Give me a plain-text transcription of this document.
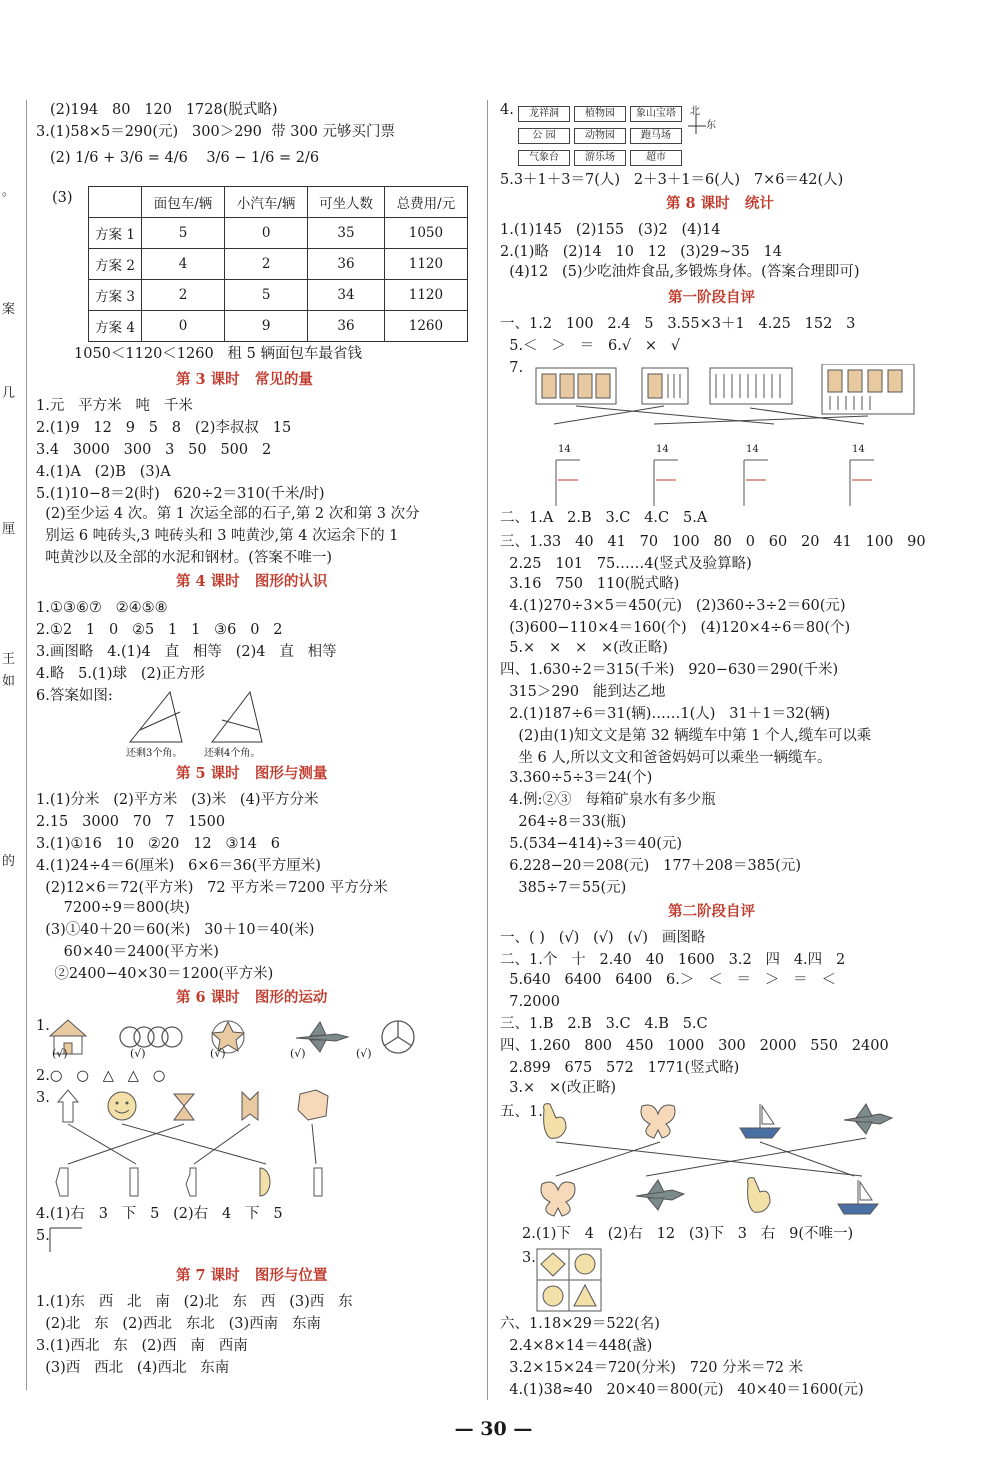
。
案
几
厘
王
如
的
(2)194   80   120   1728(脱式略)
3.(1)58×5＝290(元)   300＞290  带 300 元够买门票
(2) 1/6 + 3/6 = 4/6    3/6 − 1/6 = 2/6
(3)
		面包车/辆	小汽车/辆	可坐人数	总费用/元
方案 1	5	0	35	1050
方案 2	4	2	36	1120
方案 3	2	5	34	1120
方案 4	0	9	36	1260
1050＜1120＜1260   租 5 辆面包车最省钱
第 3 课时   常见的量
1.元   平方米   吨   千米
2.(1)9   12   9   5   8   (2)李叔叔   15
3.4   3000   300   3   50   500   2
4.(1)A   (2)B   (3)A
5.(1)10−8＝2(时)   620÷2＝310(千米/时)
(2)至少运 4 次。第 1 次运全部的石子,第 2 次和第 3 次分
别运 6 吨砖头,3 吨砖头和 3 吨黄沙,第 4 次运余下的 1
吨黄沙以及全部的水泥和钢材。(答案不唯一)
第 4 课时   图形的认识
1.①③⑥⑦   ②④⑤⑧
2.①2   1   0   ②5   1   1   ③6   0   2
3.画图略   4.(1)4   直   相等   (2)4   直   相等
4.略   5.(1)球   (2)正方形
6.答案如图:
还剩3个角。 还剩4个角。
第 5 课时   图形与测量
1.(1)分米   (2)平方米   (3)米   (4)平方分米
2.15   3000   70   7   1500
3.(1)①16   10   ②20   12   ③14   6
4.(1)24÷4＝6(厘米)   6×6＝36(平方厘米)
(2)12×6＝72(平方米)   72 平方米＝7200 平方分米
7200÷9＝800(块)
(3)①40＋20＝60(米)   30＋10＝40(米)
60×40＝2400(平方米)
②2400−40×30＝1200(平方米)
第 6 课时   图形的运动
1.
(√)	(√)	(√)	(√)	(√)
2.○   ○   △   △   ○
3.
4.(1)右   3   下   5   (2)右   4   下   5
5.
第 7 课时   图形与位置
1.(1)东   西   北   南   (2)北   东   西   (3)西   东
(2)北   东   (2)西北   东北   (3)西南   东南
3.(1)西北   东   (2)西   南   西南
(3)西   西北   (4)西北   东南
4.	龙祥洞	植物园	象山宝塔
公 园	动物园	跑马场
气象台	游乐场	超市
北
东
5.3＋1＋3＝7(人)   2＋3＋1＝6(人)   7×6＝42(人)
第 8 课时   统计
1.(1)145   (2)155   (3)2   (4)14
2.(1)略   (2)14   10   12   (3)29~35   14
(4)12   (5)少吃油炸食品,多锻炼身体。(答案合理即可)
第一阶段自评
一、1.2   100   2.4   5   3.55×3＋1   4.25   152   3
5.＜   ＞   ＝   6.√   ×   √
7.
14	14	14	14
二、1.A   2.B   3.C   4.C   5.A
三、1.33   40   41   70   100   80   0   60   20   41   100   90
2.25   101   75……4(竖式及验算略)
3.16   750   110(脱式略)
4.(1)270÷3×5＝450(元)   (2)360÷3÷2＝60(元)
(3)600−110×4＝160(个)   (4)120×4÷6＝80(个)
5.×   ×   ×   ×(改正略)
四、1.630÷2＝315(千米)   920−630＝290(千米)
315＞290   能到达乙地
2.(1)187÷6＝31(辆)……1(人)   31＋1＝32(辆)
(2)由(1)知文文是第 32 辆缆车中第 1 个人,缆车可以乘
坐 6 人,所以文文和爸爸妈妈可以乘坐一辆缆车。
3.360÷5÷3＝24(个)
4.例:②③   每箱矿泉水有多少瓶
264÷8＝33(瓶)
5.(534−414)÷3＝40(元)
6.228−20＝208(元)   177＋208＝385(元)
385÷7＝55(元)
第二阶段自评
一、( )   (√)   (√)   (√)   画图略
二、1.个   十   2.40   40   1600   3.2   四   4.四   2
5.640   6400   6400   6.＞   ＜   ＝   ＞   ＝   ＜
7.2000
三、1.B   2.B   3.C   4.B   5.C
四、1.260   800   450   1000   300   2000   550   2400
2.899   675   572   1771(竖式略)
3.×   ×(改正略)
五、1.
2.(1)下   4   (2)右   12   (3)下   3   右   9(不唯一)
3.
六、1.18×29＝522(名)
2.4×8×14＝448(盏)
3.2×15×24＝720(分米)   720 分米＝72 米
4.(1)38≈40   20×40＝800(元)   40×40＝1600(元)
— 30 —
